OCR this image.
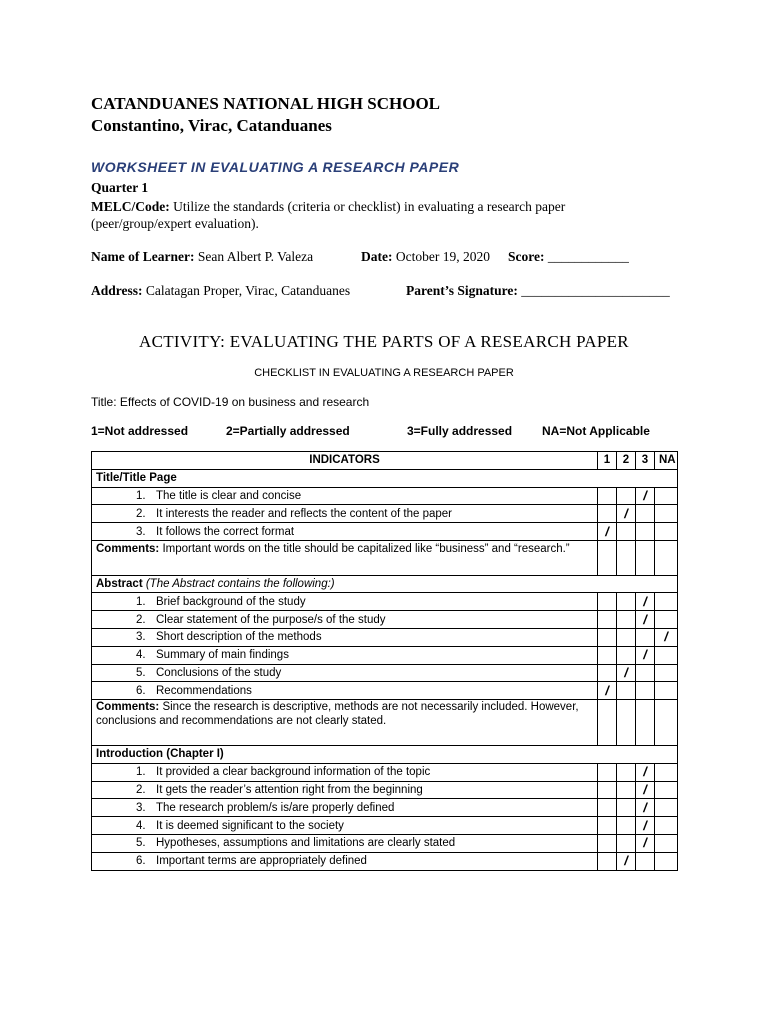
CATANDUANES NATIONAL HIGH SCHOOL
Constantino, Virac, Catanduanes
WORKSHEET IN EVALUATING A RESEARCH PAPER
Quarter 1
MELC/Code: Utilize the standards (criteria or checklist) in evaluating a research paper (peer/group/expert evaluation).
Name of Learner: Sean Albert P. Valeza	Date: October 19, 2020 Score: ____________
Address: Calatagan Proper, Virac, Catanduanes	Parent’s Signature: ______________________
ACTIVITY: EVALUATING THE PARTS OF A RESEARCH PAPER
CHECKLIST IN EVALUATING A RESEARCH PAPER
Title: Effects of COVID-19 on business and research
1=Not addressed	2=Partially addressed	3=Fully addressed NA=Not Applicable
INDICATORS	1	2	3	NA
Title/Title Page				
1. The title is clear and concise			/	
2. It interests the reader and reflects the content of the paper		/		
3. It follows the correct format	/			
Comments: Important words on the title should be capitalized like “business” and “research.”				

Abstract (The Abstract contains the following:)				
1. Brief background of the study			/	
2. Clear statement of the purpose/s of the study			/	
3. Short description of the methods				/
4. Summary of main findings			/	
5. Conclusions of the study		/		
6. Recommendations	/			
Comments: Since the research is descriptive, methods are not necessarily included. However, conclusions and recommendations are not clearly stated.				

Introduction (Chapter I)				
1. It provided a clear background information of the topic			/	
2. It gets the reader’s attention right from the beginning			/	
3. The research problem/s is/are properly defined			/	
4. It is deemed significant to the society			/	
5. Hypotheses, assumptions and limitations are clearly stated			/	
6. Important terms are appropriately defined		/		
